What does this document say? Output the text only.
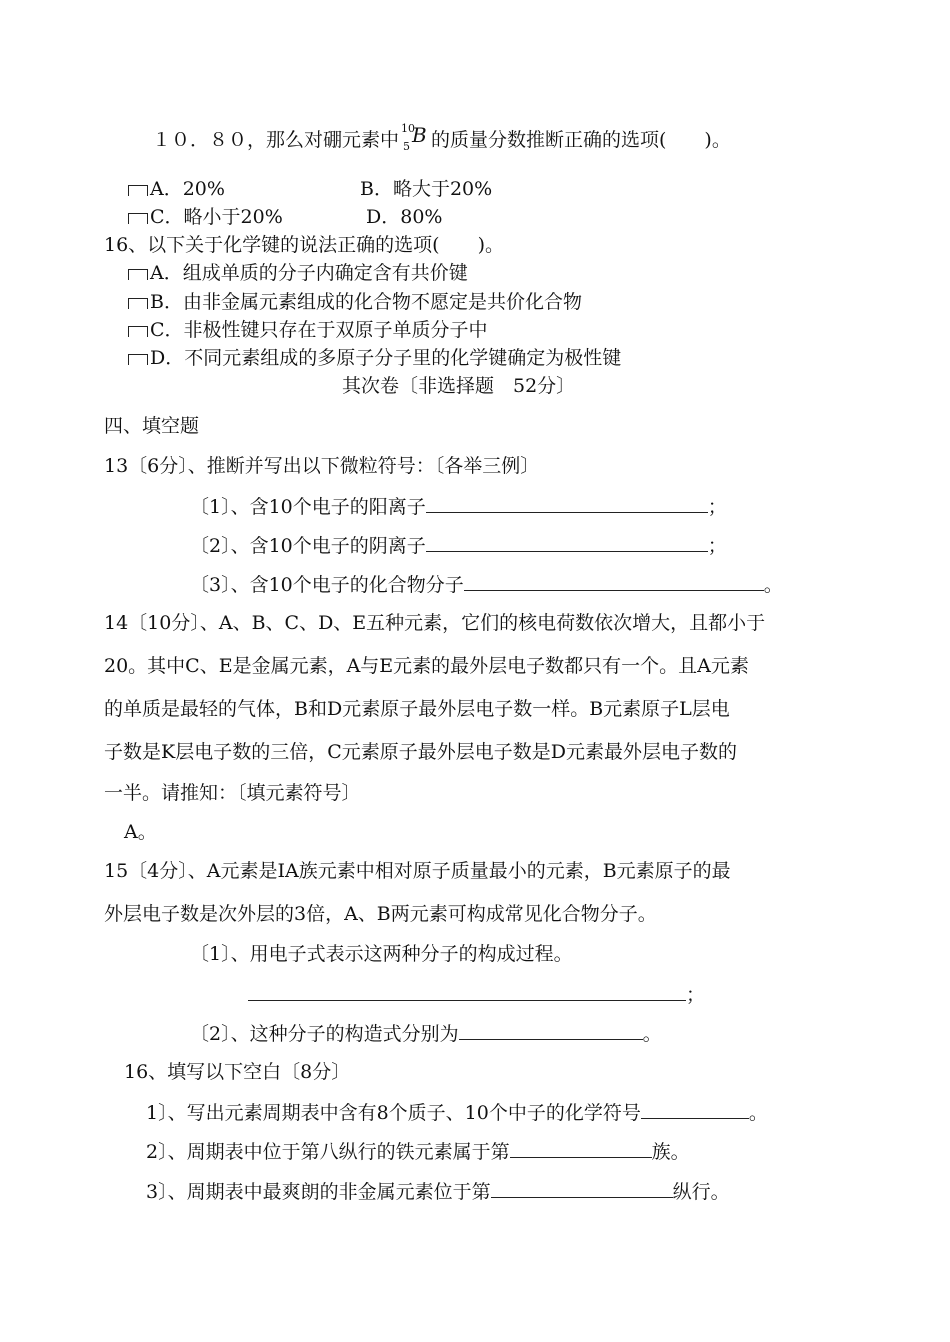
１０．８０，那么对硼元素中
10
5 B 的质量分数推断正确的选项(　　)。
A．20%	B．略大于20%
C．略小于20%	D．80%
16、以下关于化学键的说法正确的选项(　　)。
A．组成单质的分子内确定含有共价键
B．由非金属元素组成的化合物不愿定是共价化合物
C．非极性键只存在于双原子单质分子中
D．不同元素组成的多原子分子里的化学键确定为极性键
其次卷〔非选择题　52分〕
四、填空题
13〔6分〕、推断并写出以下微粒符号：〔各举三例〕
〔1〕、含10个电子的阳离子	；
〔2〕、含10个电子的阴离子	；
〔3〕、含10个电子的化合物分子	。
14〔10分〕、A、B、C、D、E五种元素，它们的核电荷数依次增大，且都小于
20。其中C、E是金属元素，A与E元素的最外层电子数都只有一个。且A元素
的单质是最轻的气体，B和D元素原子最外层电子数一样。B元素原子L层电
子数是K层电子数的三倍，C元素原子最外层电子数是D元素最外层电子数的
一半。请推知：〔填元素符号〕
A。
15〔4分〕、A元素是IA族元素中相对原子质量最小的元素，B元素原子的最
外层电子数是次外层的3倍，A、B两元素可构成常见化合物分子。
〔1〕、用电子式表示这两种分子的构成过程。
；
〔2〕、这种分子的构造式分别为	。
16、填写以下空白〔8分〕
1〕、写出元素周期表中含有8个质子、10个中子的化学符号	。
2〕、周期表中位于第八纵行的铁元素属于第	族。
3〕、周期表中最爽朗的非金属元素位于第	纵行。
